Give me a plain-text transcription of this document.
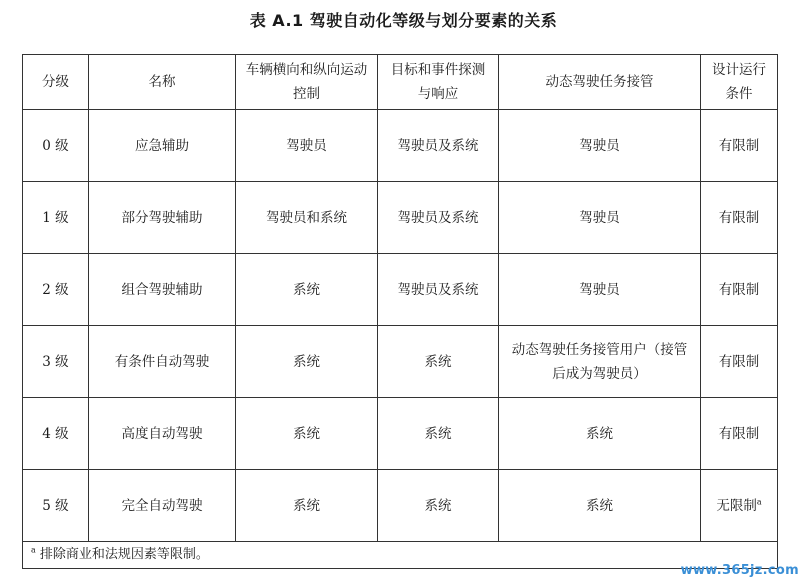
表 A.1 驾驶自动化等级与划分要素的关系
分级	名称	车辆横向和纵向运动控制	目标和事件探测与响应	动态驾驶任务接管	设计运行条件
0 级	应急辅助	驾驶员	驾驶员及系统	驾驶员	有限制
1 级	部分驾驶辅助	驾驶员和系统	驾驶员及系统	驾驶员	有限制
2 级	组合驾驶辅助	系统	驾驶员及系统	驾驶员	有限制
3 级	有条件自动驾驶	系统	系统	动态驾驶任务接管用户（接管后成为驾驶员）	有限制
4 级	高度自动驾驶	系统	系统	系统	有限制
5 级	完全自动驾驶	系统	系统	系统	无限制$^a$
$^a$ 排除商业和法规因素等限制。					
www.365jz.com
